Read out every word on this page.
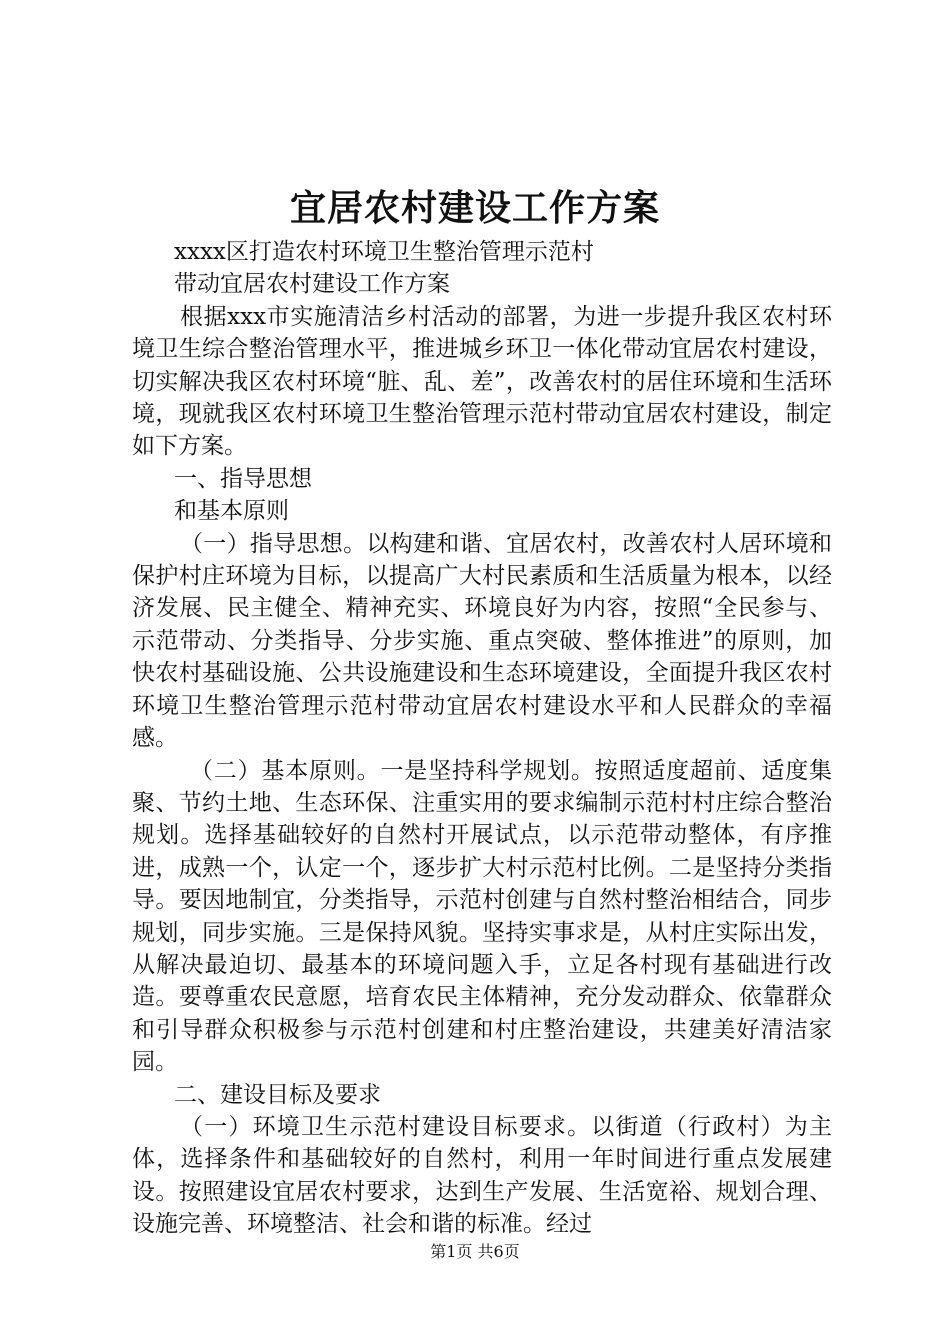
宜居农村建设工作方案

xxxx区打造农村环境卫生整治管理示范村

带动宜居农村建设工作方案

根据xxx市实施清洁乡村活动的部署，为进一步提升我区农村环境卫生综合整治管理水平，推进城乡环卫一体化带动宜居农村建设，切实解决我区农村环境“脏、乱、差”，改善农村的居住环境和生活环境，现就我区农村环境卫生整治管理示范村带动宜居农村建设，制定如下方案。

一、指导思想

和基本原则

（一）指导思想。以构建和谐、宜居农村，改善农村人居环境和保护村庄环境为目标，以提高广大村民素质和生活质量为根本，以经济发展、民主健全、精神充实、环境良好为内容，按照“全民参与、示范带动、分类指导、分步实施、重点突破、整体推进”的原则，加快农村基础设施、公共设施建设和生态环境建设，全面提升我区农村环境卫生整治管理示范村带动宜居农村建设水平和人民群众的幸福感。

（二）基本原则。一是坚持科学规划。按照适度超前、适度集聚、节约土地、生态环保、注重实用的要求编制示范村村庄综合整治规划。选择基础较好的自然村开展试点，以示范带动整体，有序推进，成熟一个，认定一个，逐步扩大村示范村比例。二是坚持分类指导。要因地制宜，分类指导，示范村创建与自然村整治相结合，同步规划，同步实施。三是保持风貌。坚持实事求是，从村庄实际出发，从解决最迫切、最基本的环境问题入手，立足各村现有基础进行改造。要尊重农民意愿，培育农民主体精神，充分发动群众、依靠群众和引导群众积极参与示范村创建和村庄整治建设，共建美好清洁家园。

二、建设目标及要求

（一）环境卫生示范村建设目标要求。以街道（行政村）为主体，选择条件和基础较好的自然村，利用一年时间进行重点发展建设。按照建设宜居农村要求，达到生产发展、生活宽裕、规划合理、设施完善、环境整洁、社会和谐的标准。经过

第1页 共6页
